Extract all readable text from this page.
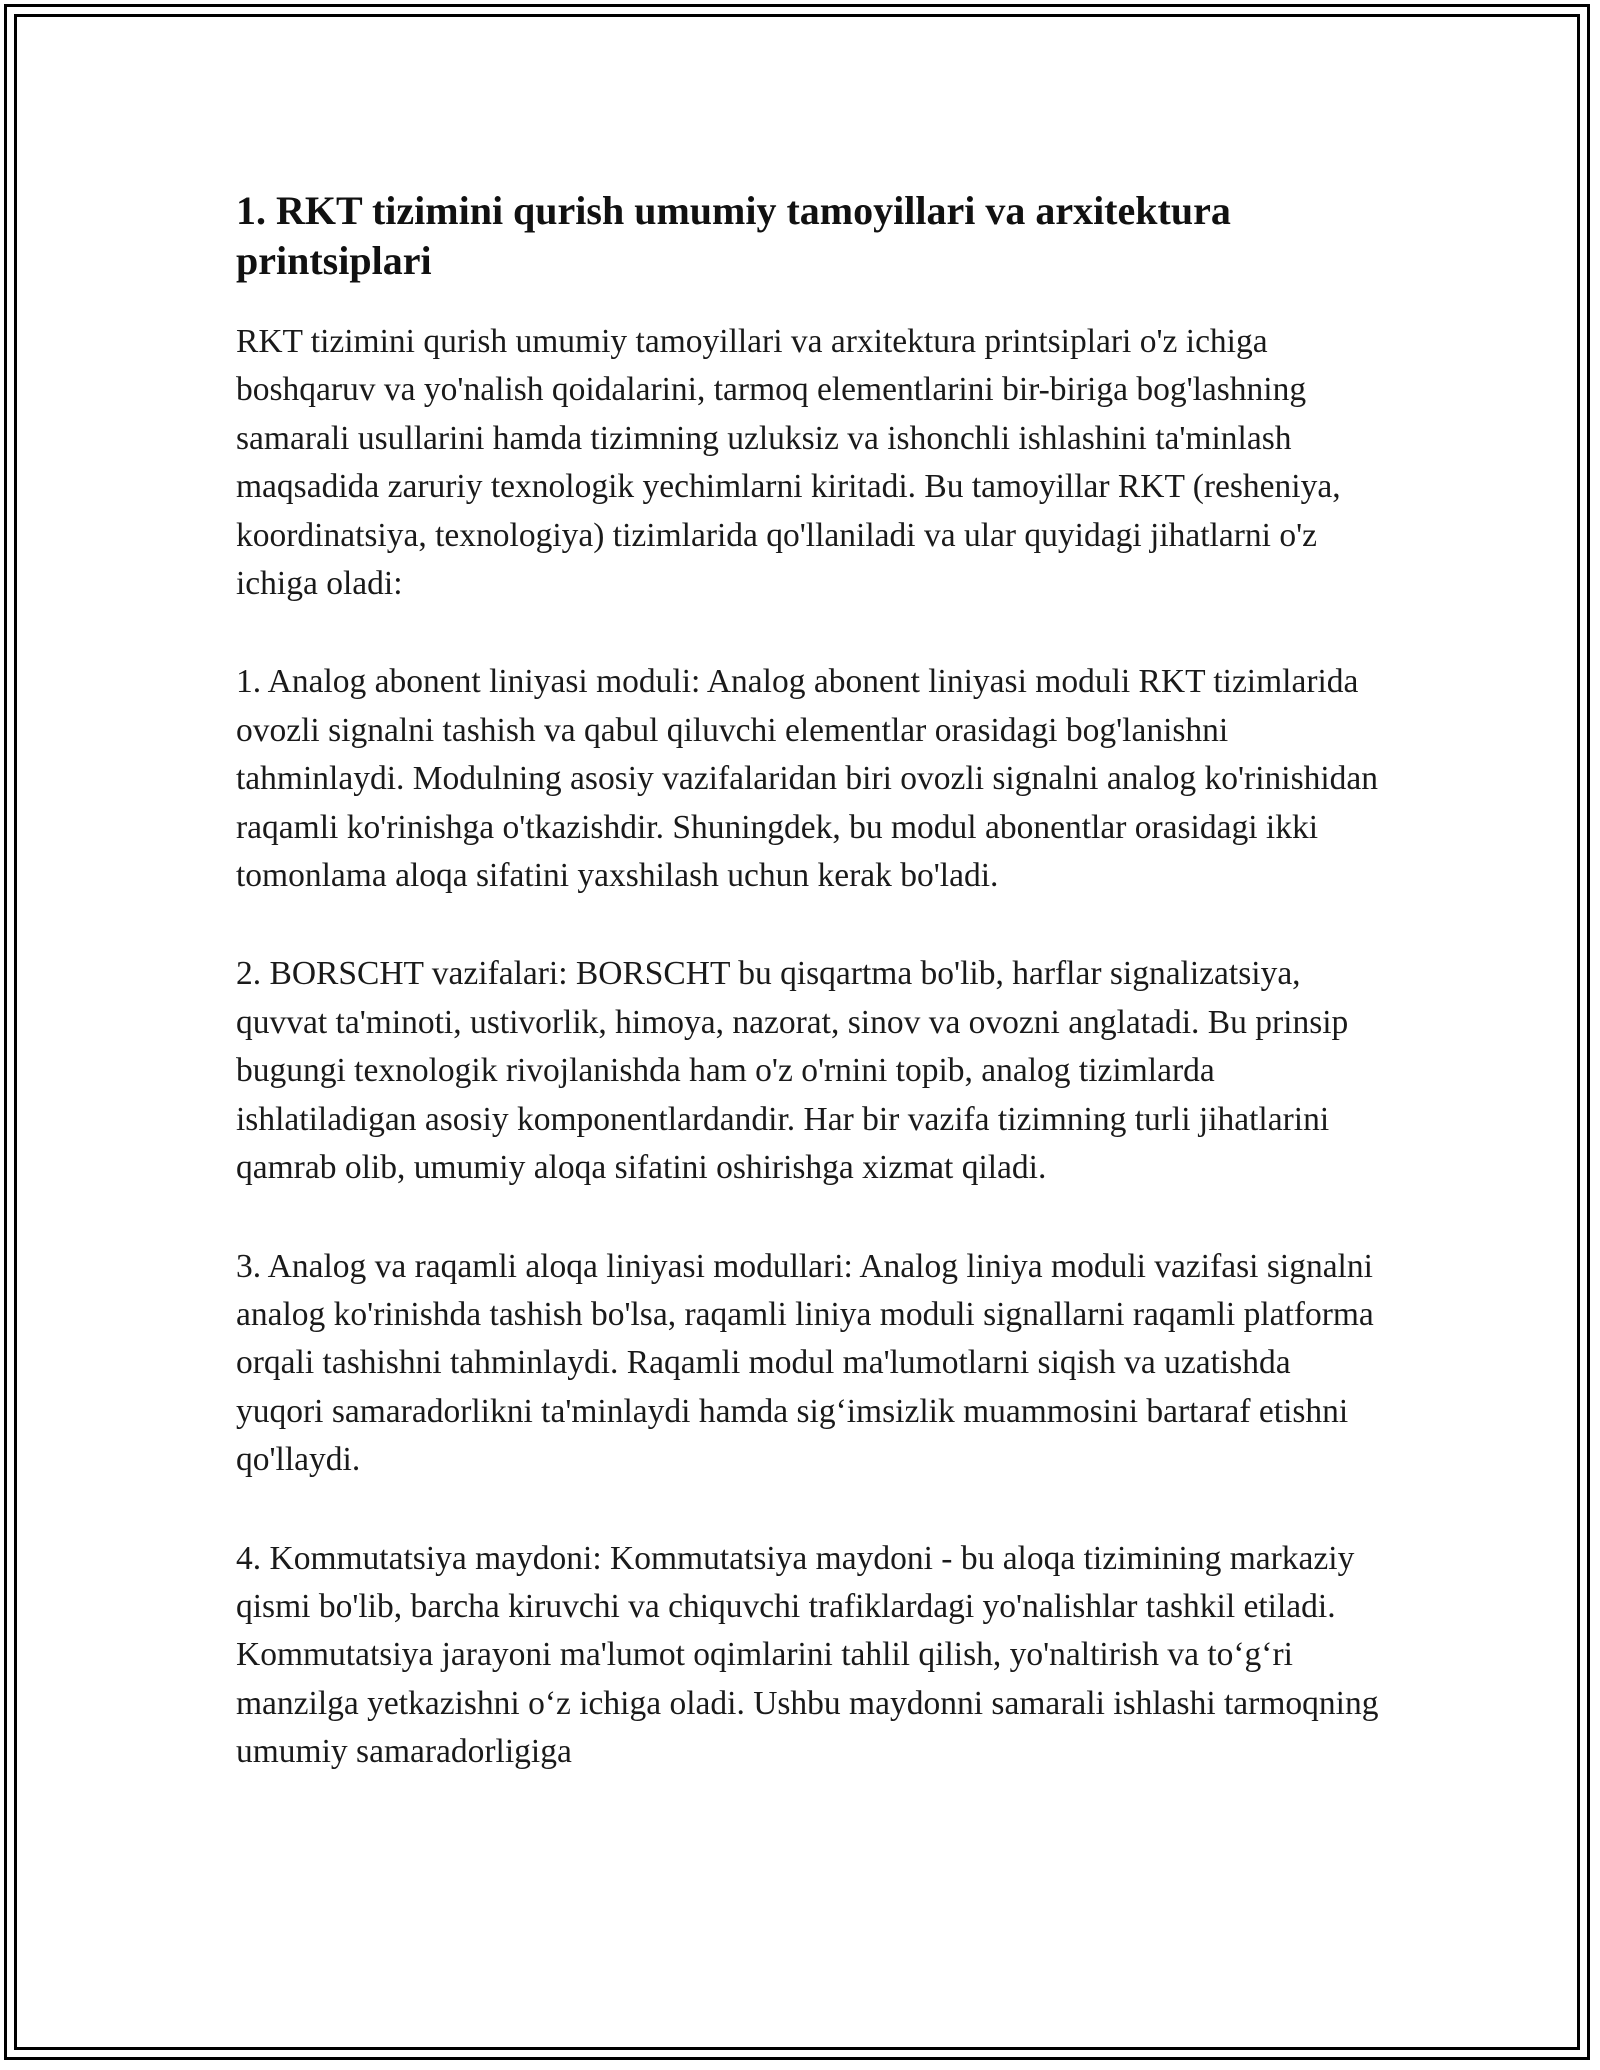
1. RKT tizimini qurish umumiy tamoyillari va arxitektura printsiplari

RKT tizimini qurish umumiy tamoyillari va arxitektura printsiplari o'z ichiga boshqaruv va yo'nalish qoidalarini, tarmoq elementlarini bir-biriga bog'lashning samarali usullarini hamda tizimning uzluksiz va ishonchli ishlashini ta'minlash maqsadida zaruriy texnologik yechimlarni kiritadi. Bu tamoyillar RKT (resheniya, koordinatsiya, texnologiya) tizimlarida qo'llaniladi va ular quyidagi jihatlarni o'z ichiga oladi:

1. Analog abonent liniyasi moduli: Analog abonent liniyasi moduli RKT tizimlarida ovozli signalni tashish va qabul qiluvchi elementlar orasidagi bog'lanishni tahminlaydi. Modulning asosiy vazifalaridan biri ovozli signalni analog ko'rinishidan raqamli ko'rinishga o'tkazishdir. Shuningdek, bu modul abonentlar orasidagi ikki tomonlama aloqa sifatini yaxshilash uchun kerak bo'ladi.

2. BORSCHT vazifalari: BORSCHT bu qisqartma bo'lib, harflar signalizatsiya, quvvat ta'minoti, ustivorlik, himoya, nazorat, sinov va ovozni anglatadi. Bu prinsip bugungi texnologik rivojlanishda ham o'z o'rnini topib, analog tizimlarda ishlatiladigan asosiy komponentlardandir. Har bir vazifa tizimning turli jihatlarini qamrab olib, umumiy aloqa sifatini oshirishga xizmat qiladi.

3. Analog va raqamli aloqa liniyasi modullari: Analog liniya moduli vazifasi signalni analog ko'rinishda tashish bo'lsa, raqamli liniya moduli signallarni raqamli platforma orqali tashishni tahminlaydi. Raqamli modul ma'lumotlarni siqish va uzatishda yuqori samaradorlikni ta'minlaydi hamda sig‘imsizlik muammosini bartaraf etishni qo'llaydi.

4. Kommutatsiya maydoni: Kommutatsiya maydoni - bu aloqa tizimining markaziy qismi bo'lib, barcha kiruvchi va chiquvchi trafiklardagi yo'nalishlar tashkil etiladi. Kommutatsiya jarayoni ma'lumot oqimlarini tahlil qilish, yo'naltirish va to‘g‘ri manzilga yetkazishni o‘z ichiga oladi. Ushbu maydonni samarali ishlashi tarmoqning umumiy samaradorligiga
